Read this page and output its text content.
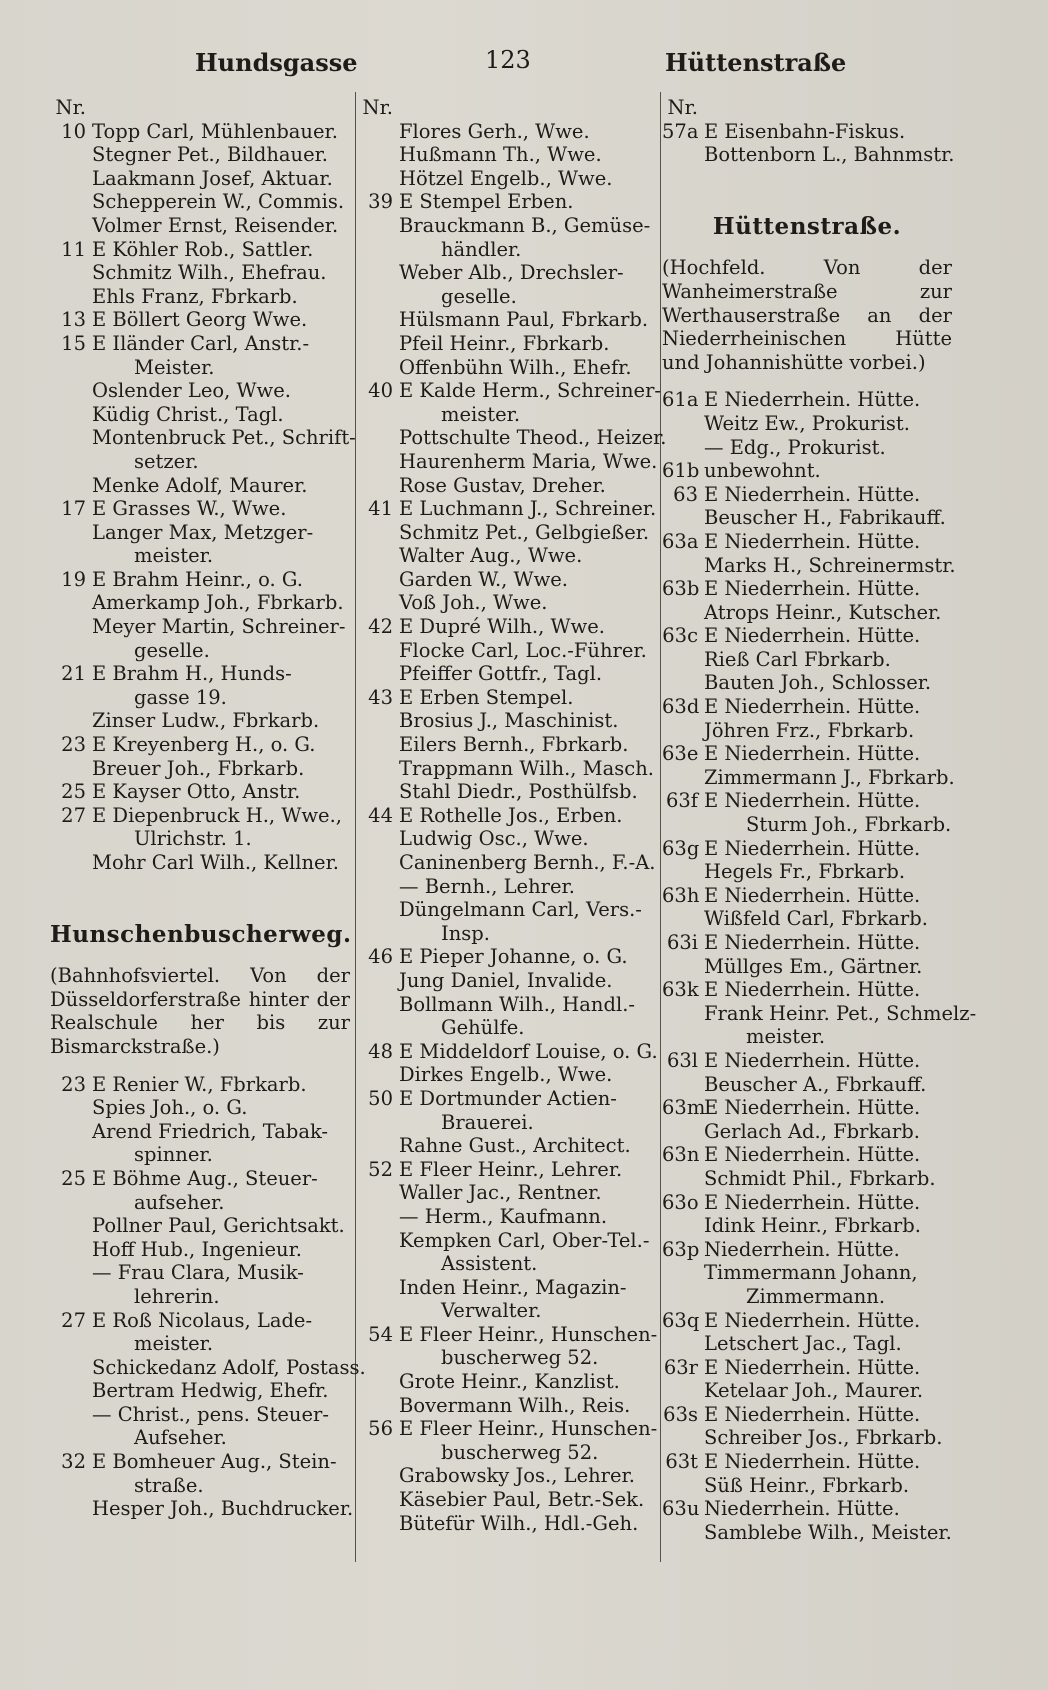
Hundsgasse	123	Hüttenstraße
Nr.
10 Topp Carl, Mühlenbauer.
Stegner Pet., Bildhauer.
Laakmann Josef, Aktuar.
Schepperein W., Commis.
Volmer Ernst, Reisender.
11 E Köhler Rob., Sattler.
Schmitz Wilh., Ehefrau.
Ehls Franz, Fbrkarb.
13 E Böllert Georg Wwe.
15 E Iländer Carl, Anstr.-
Meister.
Oslender Leo, Wwe.
Küdig Christ., Tagl.
Montenbruck Pet., Schrift-
setzer.
Menke Adolf, Maurer.
17 E Grasses W., Wwe.
Langer Max, Metzger-
meister.
19 E Brahm Heinr., o. G.
Amerkamp Joh., Fbrkarb.
Meyer Martin, Schreiner-
geselle.
21 E Brahm H., Hunds-
gasse 19.
Zinser Ludw., Fbrkarb.
23 E Kreyenberg H., o. G.
Breuer Joh., Fbrkarb.
25 E Kayser Otto, Anstr.
27 E Diepenbruck H., Wwe.,
Ulrichstr. 1.
Mohr Carl Wilh., Kellner.
Hunschenbuscherweg.
(Bahnhofsviertel. Von der Düsseldorferstraße hinter der Realschule her bis zur Bismarckstraße.)
23 E Renier W., Fbrkarb.
Spies Joh., o. G.
Arend Friedrich, Tabak-
spinner.
25 E Böhme Aug., Steuer-
aufseher.
Pollner Paul, Gerichtsakt.
Hoff Hub., Ingenieur.
— Frau Clara, Musik-
lehrerin.
27 E Roß Nicolaus, Lade-
meister.
Schickedanz Adolf, Postass.
Bertram Hedwig, Ehefr.
— Christ., pens. Steuer-
Aufseher.
32 E Bomheuer Aug., Stein-
straße.
Hesper Joh., Buchdrucker.
Nr.
Flores Gerh., Wwe.
Hußmann Th., Wwe.
Hötzel Engelb., Wwe.
39 E Stempel Erben.
Brauckmann B., Gemüse-
händler.
Weber Alb., Drechsler-
geselle.
Hülsmann Paul, Fbrkarb.
Pfeil Heinr., Fbrkarb.
Offenbühn Wilh., Ehefr.
40 E Kalde Herm., Schreiner-
meister.
Pottschulte Theod., Heizer.
Haurenherm Maria, Wwe.
Rose Gustav, Dreher.
41 E Luchmann J., Schreiner.
Schmitz Pet., Gelbgießer.
Walter Aug., Wwe.
Garden W., Wwe.
Voß Joh., Wwe.
42 E Dupré Wilh., Wwe.
Flocke Carl, Loc.-Führer.
Pfeiffer Gottfr., Tagl.
43 E Erben Stempel.
Brosius J., Maschinist.
Eilers Bernh., Fbrkarb.
Trappmann Wilh., Masch.
Stahl Diedr., Posthülfsb.
44 E Rothelle Jos., Erben.
Ludwig Osc., Wwe.
Caninenberg Bernh., F.-A.
— Bernh., Lehrer.
Düngelmann Carl, Vers.-
Insp.
46 E Pieper Johanne, o. G.
Jung Daniel, Invalide.
Bollmann Wilh., Handl.-
Gehülfe.
48 E Middeldorf Louise, o. G.
Dirkes Engelb., Wwe.
50 E Dortmunder Actien-
Brauerei.
Rahne Gust., Architect.
52 E Fleer Heinr., Lehrer.
Waller Jac., Rentner.
— Herm., Kaufmann.
Kempken Carl, Ober-Tel.-
Assistent.
Inden Heinr., Magazin-
Verwalter.
54 E Fleer Heinr., Hunschen-
buscherweg 52.
Grote Heinr., Kanzlist.
Bovermann Wilh., Reis.
56 E Fleer Heinr., Hunschen-
buscherweg 52.
Grabowsky Jos., Lehrer.
Käsebier Paul, Betr.-Sek.
Bütefür Wilh., Hdl.-Geh.
Nr.
57a E Eisenbahn-Fiskus.
Bottenborn L., Bahnmstr.
Hüttenstraße.
(Hochfeld. Von der Wanheimerstraße zur Werthauserstraße an der Niederrheinischen Hütte und Johannishütte vorbei.)
61a E Niederrhein. Hütte.
Weitz Ew., Prokurist.
— Edg., Prokurist.
61b unbewohnt.
63 E Niederrhein. Hütte.
Beuscher H., Fabrikauff.
63a E Niederrhein. Hütte.
Marks H., Schreinermstr.
63b E Niederrhein. Hütte.
Atrops Heinr., Kutscher.
63c E Niederrhein. Hütte.
Rieß Carl Fbrkarb.
Bauten Joh., Schlosser.
63d E Niederrhein. Hütte.
Jöhren Frz., Fbrkarb.
63e E Niederrhein. Hütte.
Zimmermann J., Fbrkarb.
63f E Niederrhein. Hütte.
Sturm Joh., Fbrkarb.
63g E Niederrhein. Hütte.
Hegels Fr., Fbrkarb.
63h E Niederrhein. Hütte.
Wißfeld Carl, Fbrkarb.
63i E Niederrhein. Hütte.
Müllges Em., Gärtner.
63k E Niederrhein. Hütte.
Frank Heinr. Pet., Schmelz-
meister.
63l E Niederrhein. Hütte.
Beuscher A., Fbrkauff.
63mE Niederrhein. Hütte.
Gerlach Ad., Fbrkarb.
63n E Niederrhein. Hütte.
Schmidt Phil., Fbrkarb.
63o E Niederrhein. Hütte.
Idink Heinr., Fbrkarb.
63p Niederrhein. Hütte.
Timmermann Johann,
Zimmermann.
63q E Niederrhein. Hütte.
Letschert Jac., Tagl.
63r E Niederrhein. Hütte.
Ketelaar Joh., Maurer.
63s E Niederrhein. Hütte.
Schreiber Jos., Fbrkarb.
63t E Niederrhein. Hütte.
Süß Heinr., Fbrkarb.
63u Niederrhein. Hütte.
Samblebe Wilh., Meister.
